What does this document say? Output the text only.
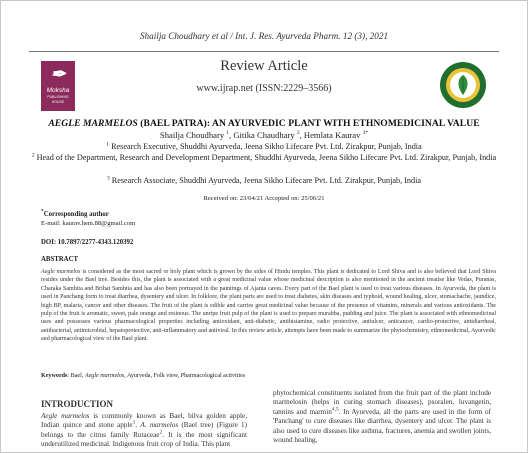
Shailja Choudhary et al / Int. J. Res. Ayurveda Pharm. 12 (3), 2021
✒
Moksha
PUBLISHING HOUSE
Review Article
www.ijrap.net (ISSN:2229–3566)
AEGLE MARMELOS (BAEL PATRA): AN AYURVEDIC PLANT WITH ETHNOMEDICINAL VALUE
Shailja Choudhary $^1$, Gitika Chaudhary $^2$, Hemlata Kaurav $^{3*}$
$^1$ Research Executive, Shuddhi Ayurveda, Jeena Sikho Lifecare Pvt. Ltd. Zirakpur, Punjab, India
$^2$ Head of the Department, Research and Development Department, Shuddhi Ayurveda, Jeena Sikho Lifecare Pvt. Ltd. Zirakpur, Punjab, India
$^3$ Research Associate, Shuddhi Ayurveda, Jeena Sikho Lifecare Pvt. Ltd. Zirakpur, Punjab, India
Received on: 23/04/21 Accepted on: 25/06/21
*Corresponding author
E-mail: kaurav.hem.88@gmail.com
DOI: 10.7897/2277-4343.120392
ABSTRACT
Aegle marmelos is considered as the most sacred or holy plant which is grown by the sides of Hindu temples. This plant is dedicated to Lord Shiva and is also believed that Lord Shiva resides under the Bael tree. Besides this, the plant is associated with a great medicinal value whose medicinal description is also mentioned in the ancient treatise like Vedas, Puranas, Charaka Samhita and Brihat Samhita and has also been portrayed in the paintings of Ajanta caves. Every part of the Bael plant is used to treat various diseases. In Ayurveda, the plant is used in Panchang form to treat diarrhea, dysentery and ulcer. In folklore, the plant parts are used to treat diabetes, skin diseases and typhoid, wound healing, ulcer, stomachache, jaundice, high BP, malaria, cancer and other diseases. The fruit of the plant is edible and carries great medicinal value because of the presence of vitamins, minerals and various antioxidants. The pulp of the fruit is aromatic, sweet, pale orange and resinous. The unripe fruit pulp of the plant is used to prepare murabba, pudding and juice. The plant is associated with ethnomedicinal uses and possesses various pharmacological properties including antioxidant, anti-diabetic, antihistamine, radio protective, antiulcer, anticancer, cardio-protective, antidiarrheal, antibacterial, antimicrobial, hepatoprotective, anti-inflammatory and antiviral. In this review article, attempts have been made to summarize the phytochemistry, ethnomedicinal, Ayurvedic and pharmacological view of the Bael plant.
Keywords: Bael, Aegle marmelos, Ayurveda, Folk view, Pharmacological activities
INTRODUCTION

Aegle marmelos is commonly known as Bael, bilva golden apple, Indian quince and stone apple$^1$. A. marmelos (Bael tree) (Figure 1) belongs to the citrus family Rutaceae$^2$. It is the most significant underutilized medicinal. Indigenous fruit crop of India. This plant

phytochemical constituents isolated from the fruit part of the plant include marmelosin (helps in curing stomach diseases), psoralen, luvangetin, tannins and marmin$^{4,5}$. In Ayurveda, all the parts are used in the form of 'Panchang' to cure diseases like diarrhea, dysentery and ulcer. The plant is also used to cure diseases like asthma, fractures, anemia and swollen joints, wound healing,
